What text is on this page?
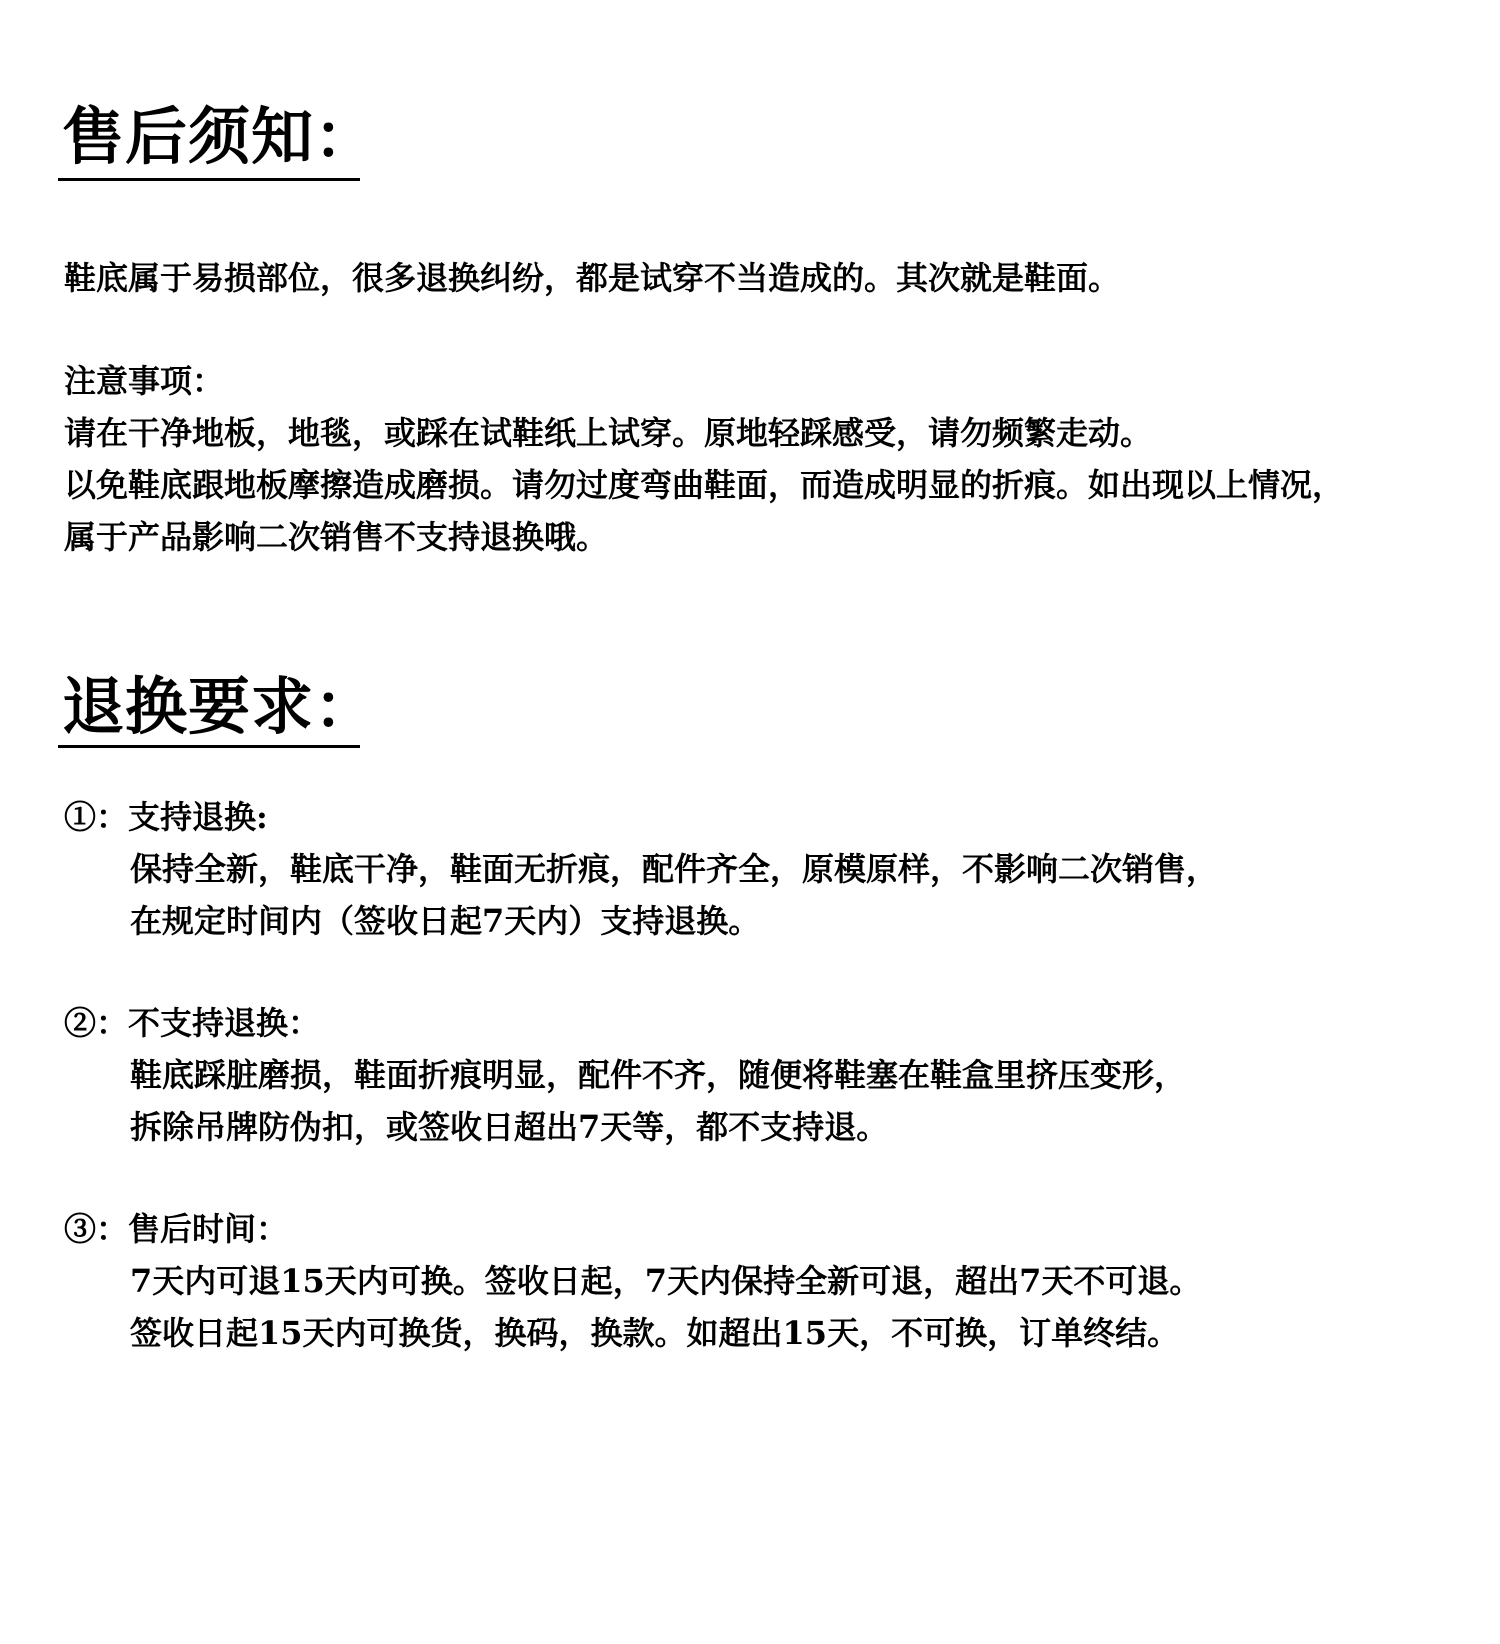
售后须知：

鞋底属于易损部位，很多退换纠纷，都是试穿不当造成的。其次就是鞋面。

注意事项：

请在干净地板，地毯，或踩在试鞋纸上试穿。原地轻踩感受，请勿频繁走动。

以免鞋底跟地板摩擦造成磨损。请勿过度弯曲鞋面，而造成明显的折痕。如出现以上情况，

属于产品影响二次销售不支持退换哦。

退换要求：

①：支持退换:

保持全新，鞋底干净，鞋面无折痕，配件齐全，原模原样，不影响二次销售，

在规定时间内（签收日起7天内）支持退换。

②：不支持退换：

鞋底踩脏磨损，鞋面折痕明显，配件不齐，随便将鞋塞在鞋盒里挤压变形，

拆除吊牌防伪扣，或签收日超出7天等，都不支持退。

③：售后时间：

7天内可退15天内可换。签收日起，7天内保持全新可退，超出7天不可退。

签收日起15天内可换货，换码，换款。如超出15天，不可换，订单终结。
